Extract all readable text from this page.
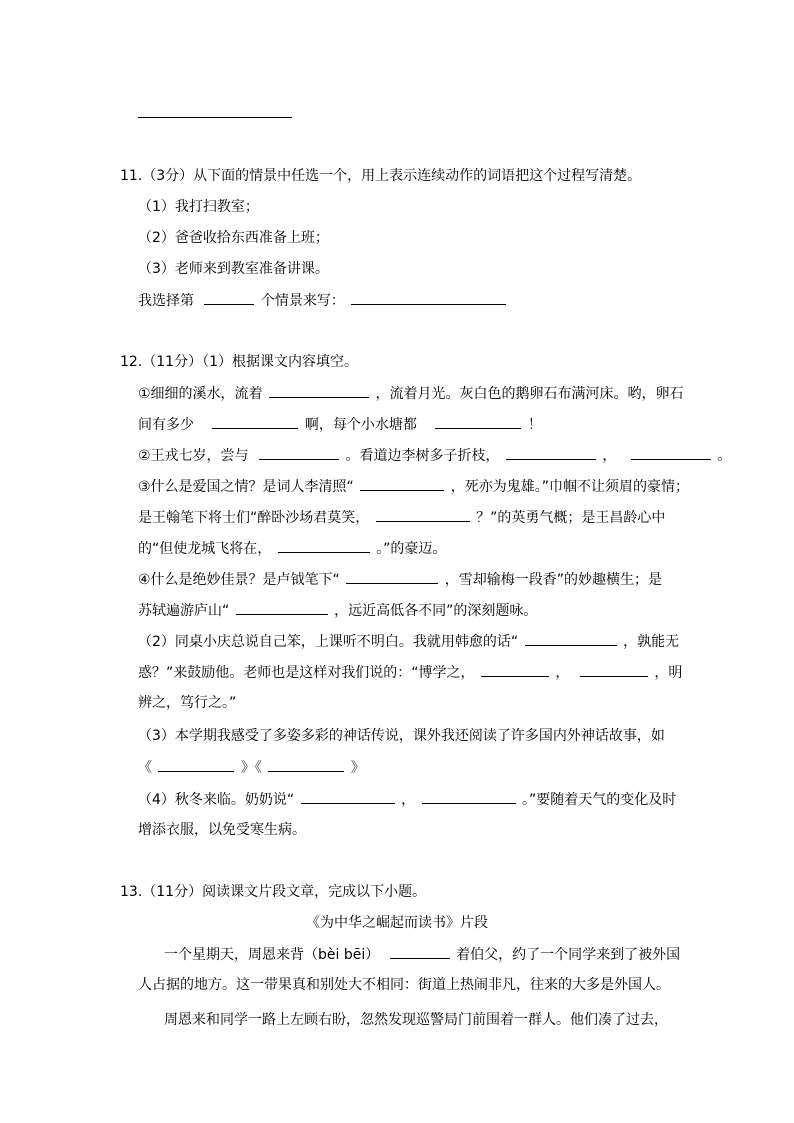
11.（3分）从下面的情景中任选一个，用上表示连续动作的词语把这个过程写清楚。
（1）我打扫教室；
（2）爸爸收拾东西准备上班；
（3）老师来到教室准备讲课。
我选择第	个情景来写：
12.（11分）（1）根据课文内容填空。
①细细的溪水，流着	，流着月光。灰白色的鹅卵石布满河床。哟，卵石
间有多少	啊，每个小水塘都	！
②王戎七岁，尝与	。看道边李树多子折枝，	，	。
③什么是爱国之情？是词人李清照“	，死亦为鬼雄。”巾帼不让须眉的豪情；
是王翰笔下将士们“醉卧沙场君莫笑，	？”的英勇气概；是王昌龄心中
的“但使龙城飞将在，	。”的豪迈。
④什么是绝妙佳景？是卢钺笔下“	，雪却输梅一段香”的妙趣横生；是
苏轼遍游庐山“	，远近高低各不同”的深刻题咏。
（2）同桌小庆总说自己笨，上课听不明白。我就用韩愈的话“	，孰能无
惑？”来鼓励他。老师也是这样对我们说的：“博学之，	，	，明
辨之，笃行之。”
（3）本学期我感受了多姿多彩的神话传说，课外我还阅读了许多国内外神话故事，如
《	》《	》
（4）秋冬来临。奶奶说“	，	。”要随着天气的变化及时
增添衣服，以免受寒生病。
13.（11分）阅读课文片段文章，完成以下小题。
《为中华之崛起而读书》片段
一个星期天，周恩来背（bèi bēi）	着伯父，约了一个同学来到了被外国
人占据的地方。这一带果真和别处大不相同：街道上热闹非凡，往来的大多是外国人。
周恩来和同学一路上左顾右盼，忽然发现巡警局门前围着一群人。他们凑了过去，
